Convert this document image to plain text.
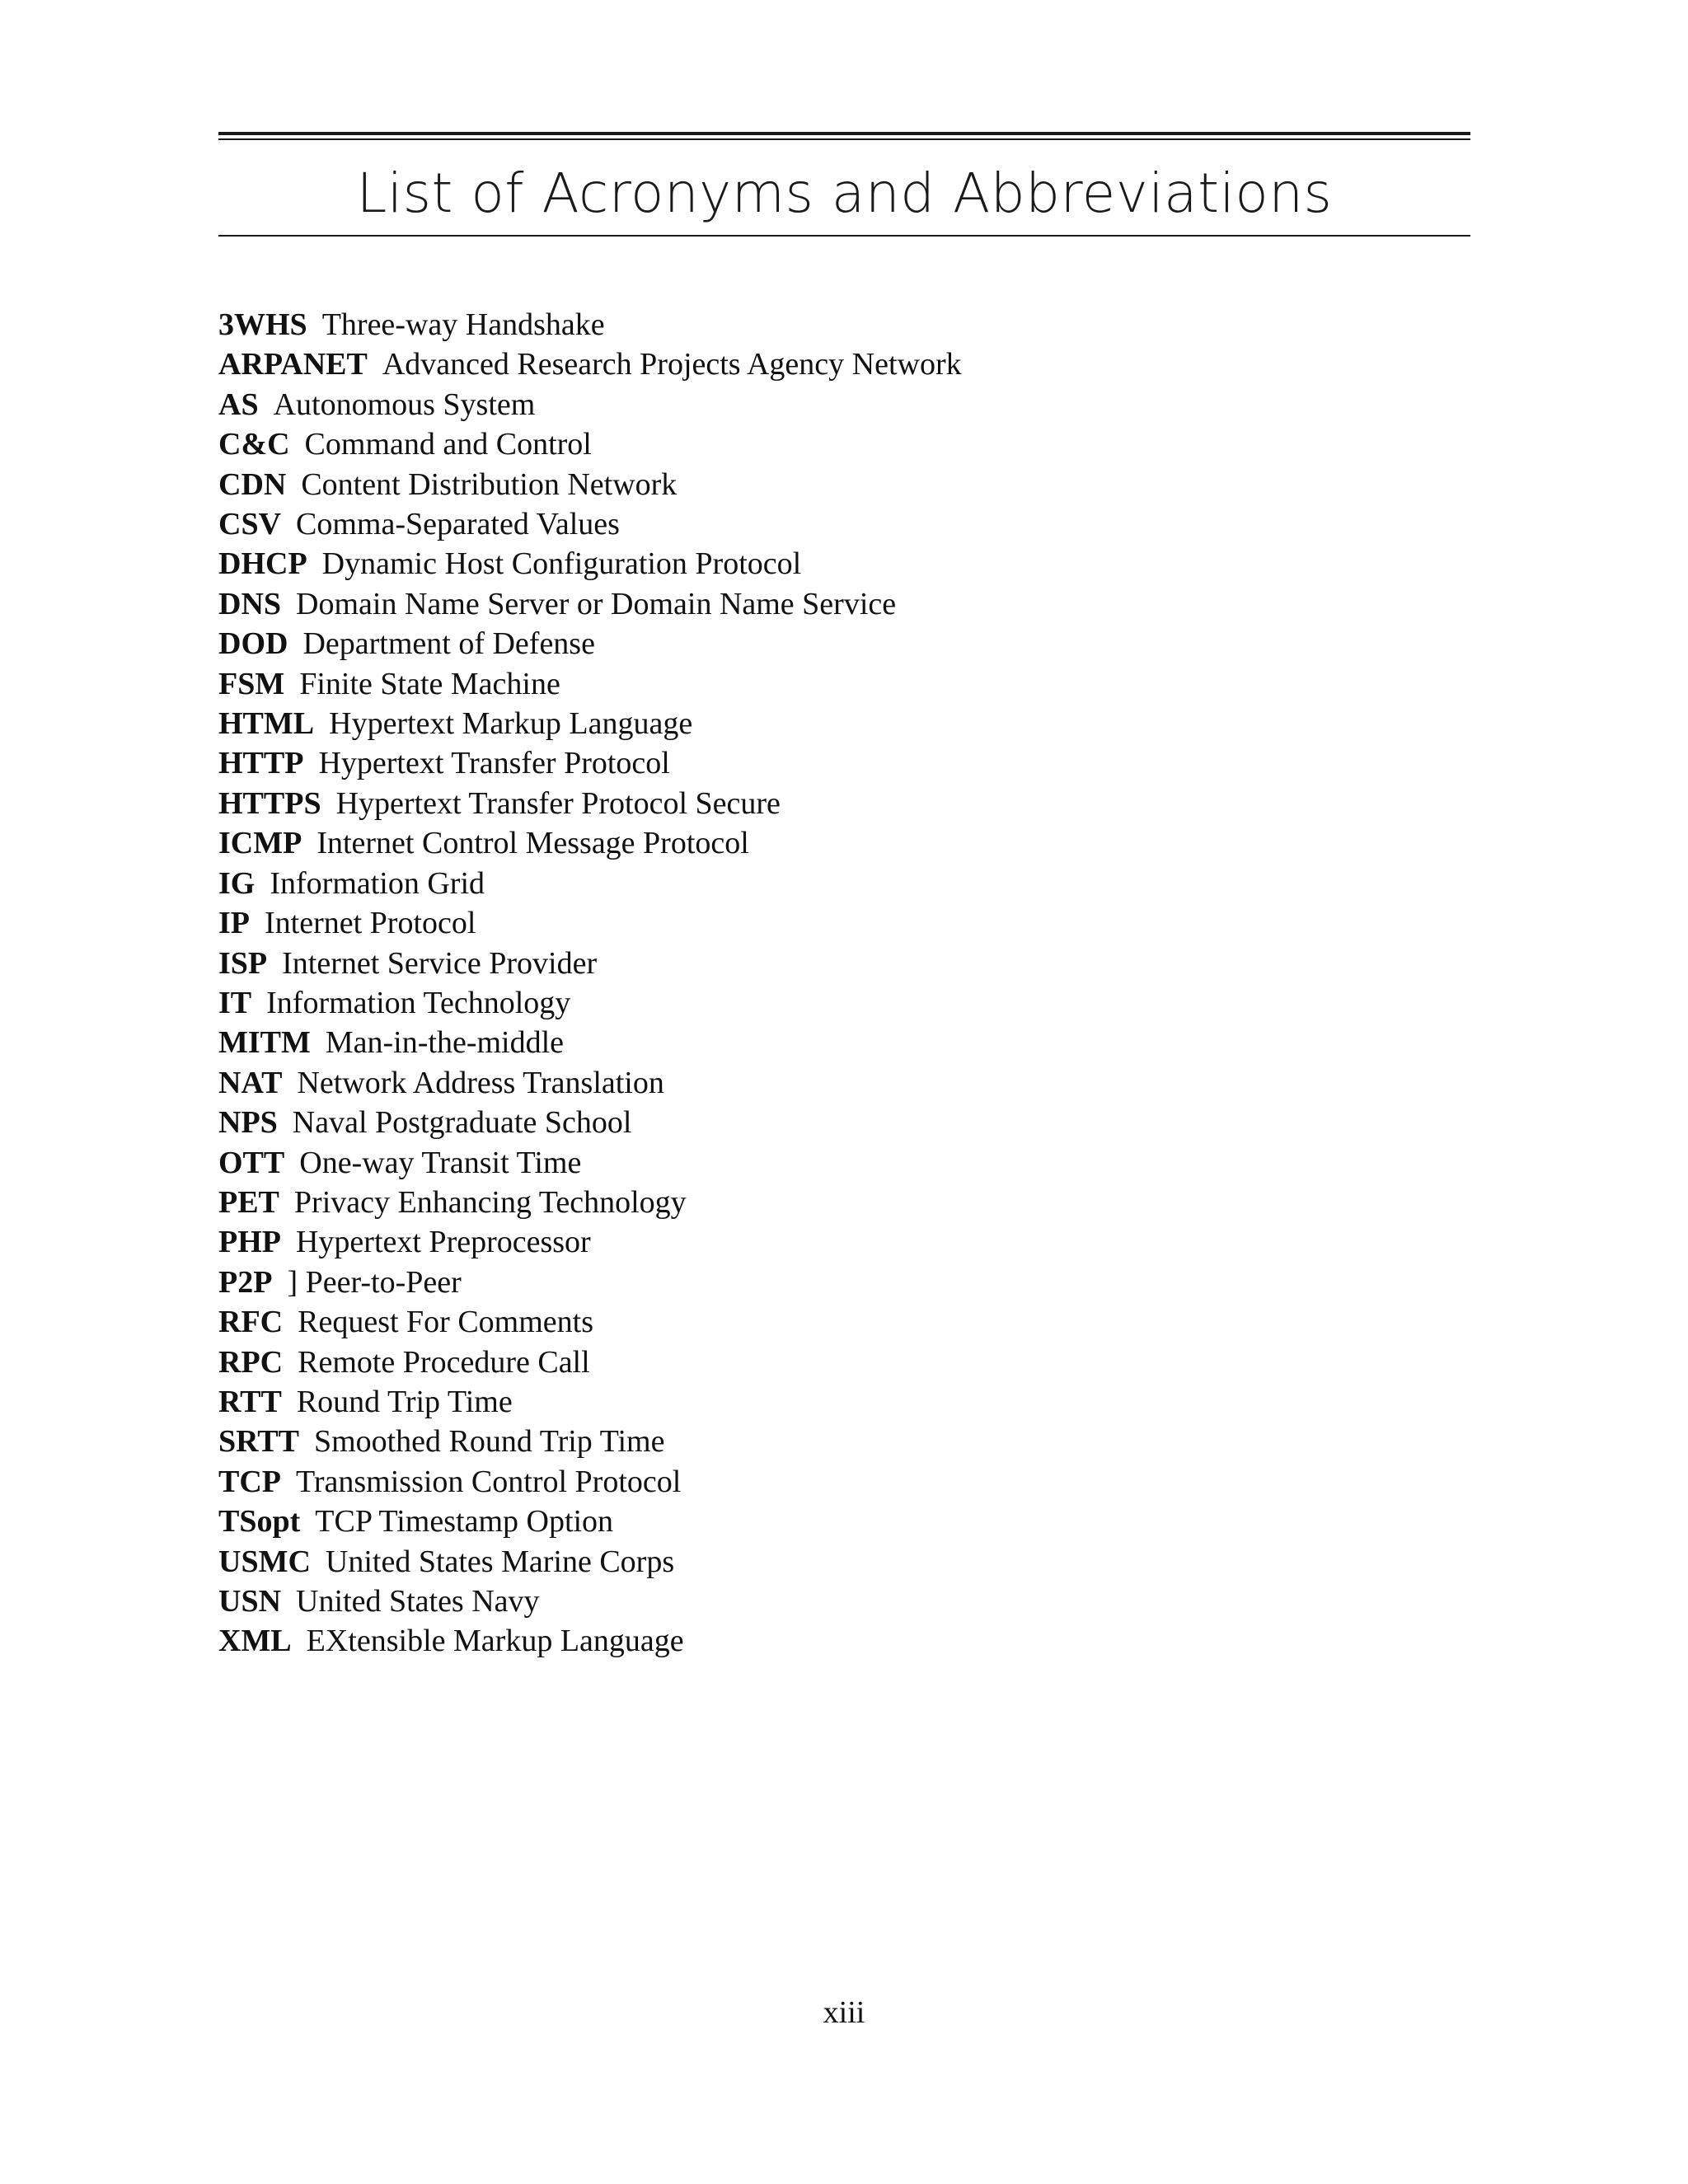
List of Acronyms and Abbreviations
3WHS Three-way Handshake
ARPANET Advanced Research Projects Agency Network
AS Autonomous System
C&C Command and Control
CDN Content Distribution Network
CSV Comma-Separated Values
DHCP Dynamic Host Configuration Protocol
DNS Domain Name Server or Domain Name Service
DOD Department of Defense
FSM Finite State Machine
HTML Hypertext Markup Language
HTTP Hypertext Transfer Protocol
HTTPS Hypertext Transfer Protocol Secure
ICMP Internet Control Message Protocol
IG Information Grid
IP Internet Protocol
ISP Internet Service Provider
IT Information Technology
MITM Man-in-the-middle
NAT Network Address Translation
NPS Naval Postgraduate School
OTT One-way Transit Time
PET Privacy Enhancing Technology
PHP Hypertext Preprocessor
P2P ] Peer-to-Peer
RFC Request For Comments
RPC Remote Procedure Call
RTT Round Trip Time
SRTT Smoothed Round Trip Time
TCP Transmission Control Protocol
TSopt TCP Timestamp Option
USMC United States Marine Corps
USN United States Navy
XML EXtensible Markup Language
xiii
